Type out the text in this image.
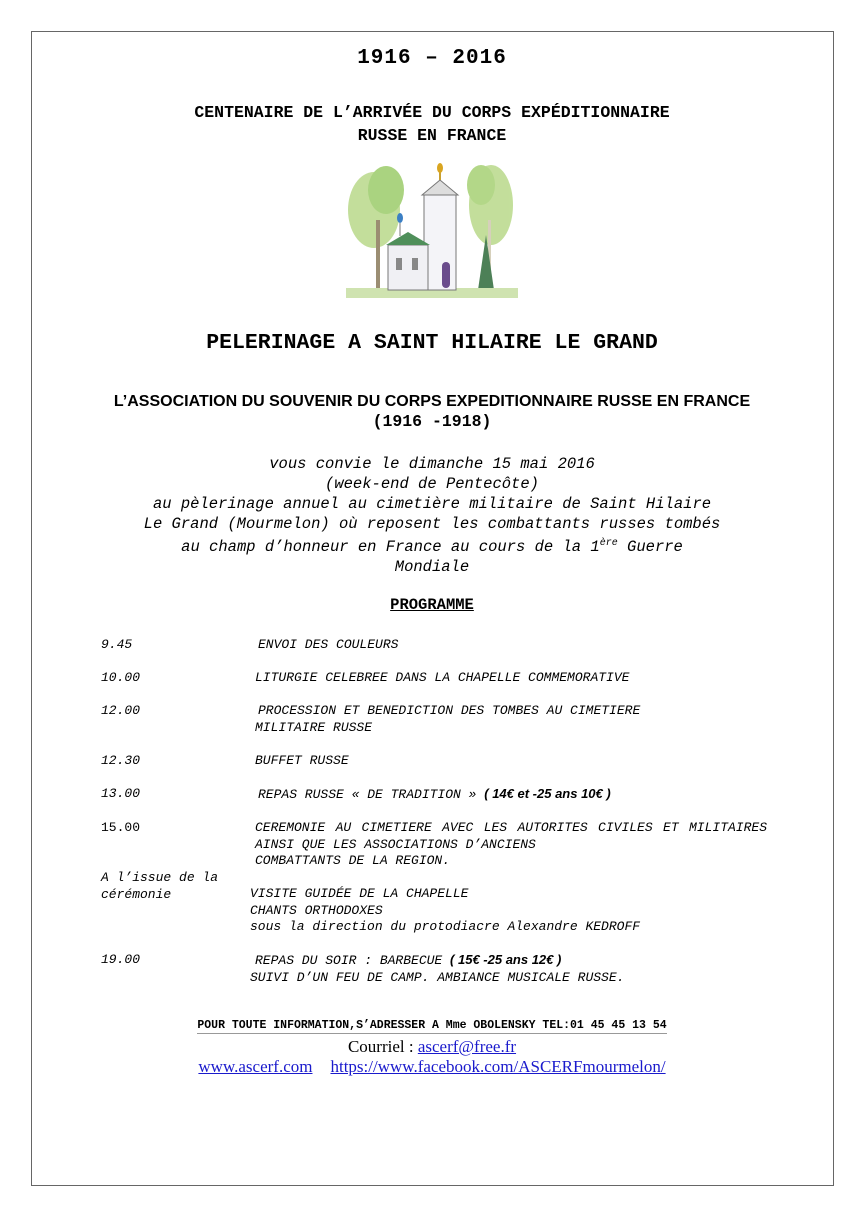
1916 – 2016
CENTENAIRE DE L’ARRIVÉE DU CORPS EXPÉDITIONNAIRE
RUSSE EN FRANCE
PELERINAGE A SAINT HILAIRE LE GRAND
L’ASSOCIATION DU SOUVENIR DU CORPS EXPEDITIONNAIRE RUSSE EN FRANCE
(1916 -1918)
vous convie le dimanche 15 mai 2016
(week-end de Pentecôte)
au pèlerinage annuel au cimetière militaire de Saint Hilaire
Le Grand (Mourmelon) où reposent les combattants russes tombés
au champ d’honneur en France au cours de la 1ère Guerre
Mondiale
PROGRAMME
9.45	ENVOI DES COULEURS
10.00	LITURGIE CELEBREE DANS LA CHAPELLE COMMEMORATIVE
12.00	PROCESSION ET BENEDICTION DES TOMBES AU CIMETIERE
MILITAIRE RUSSE
12.30	BUFFET RUSSE
13.00	REPAS RUSSE « DE TRADITION » ( 14€ et -25 ans 10€ )
15.00	CEREMONIE AU CIMETIERE AVEC LES AUTORITES CIVILES ET MILITAIRES AINSI QUE LES ASSOCIATIONS D’ANCIENS
COMBATTANTS DE LA REGION.
A l’issue de la
cérémonie	VISITE GUIDÉE DE LA CHAPELLE
CHANTS ORTHODOXES
sous la direction du protodiacre Alexandre KEDROFF
19.00	REPAS DU SOIR : BARBECUE ( 15€ -25 ans 12€ )
SUIVI D’UN FEU DE CAMP. AMBIANCE MUSICALE RUSSE.
POUR TOUTE INFORMATION,S’ADRESSER A Mme OBOLENSKY TEL:01 45 45 13 54
Courriel : ascerf@free.fr
www.ascerf.com https://www.facebook.com/ASCERFmourmelon/
